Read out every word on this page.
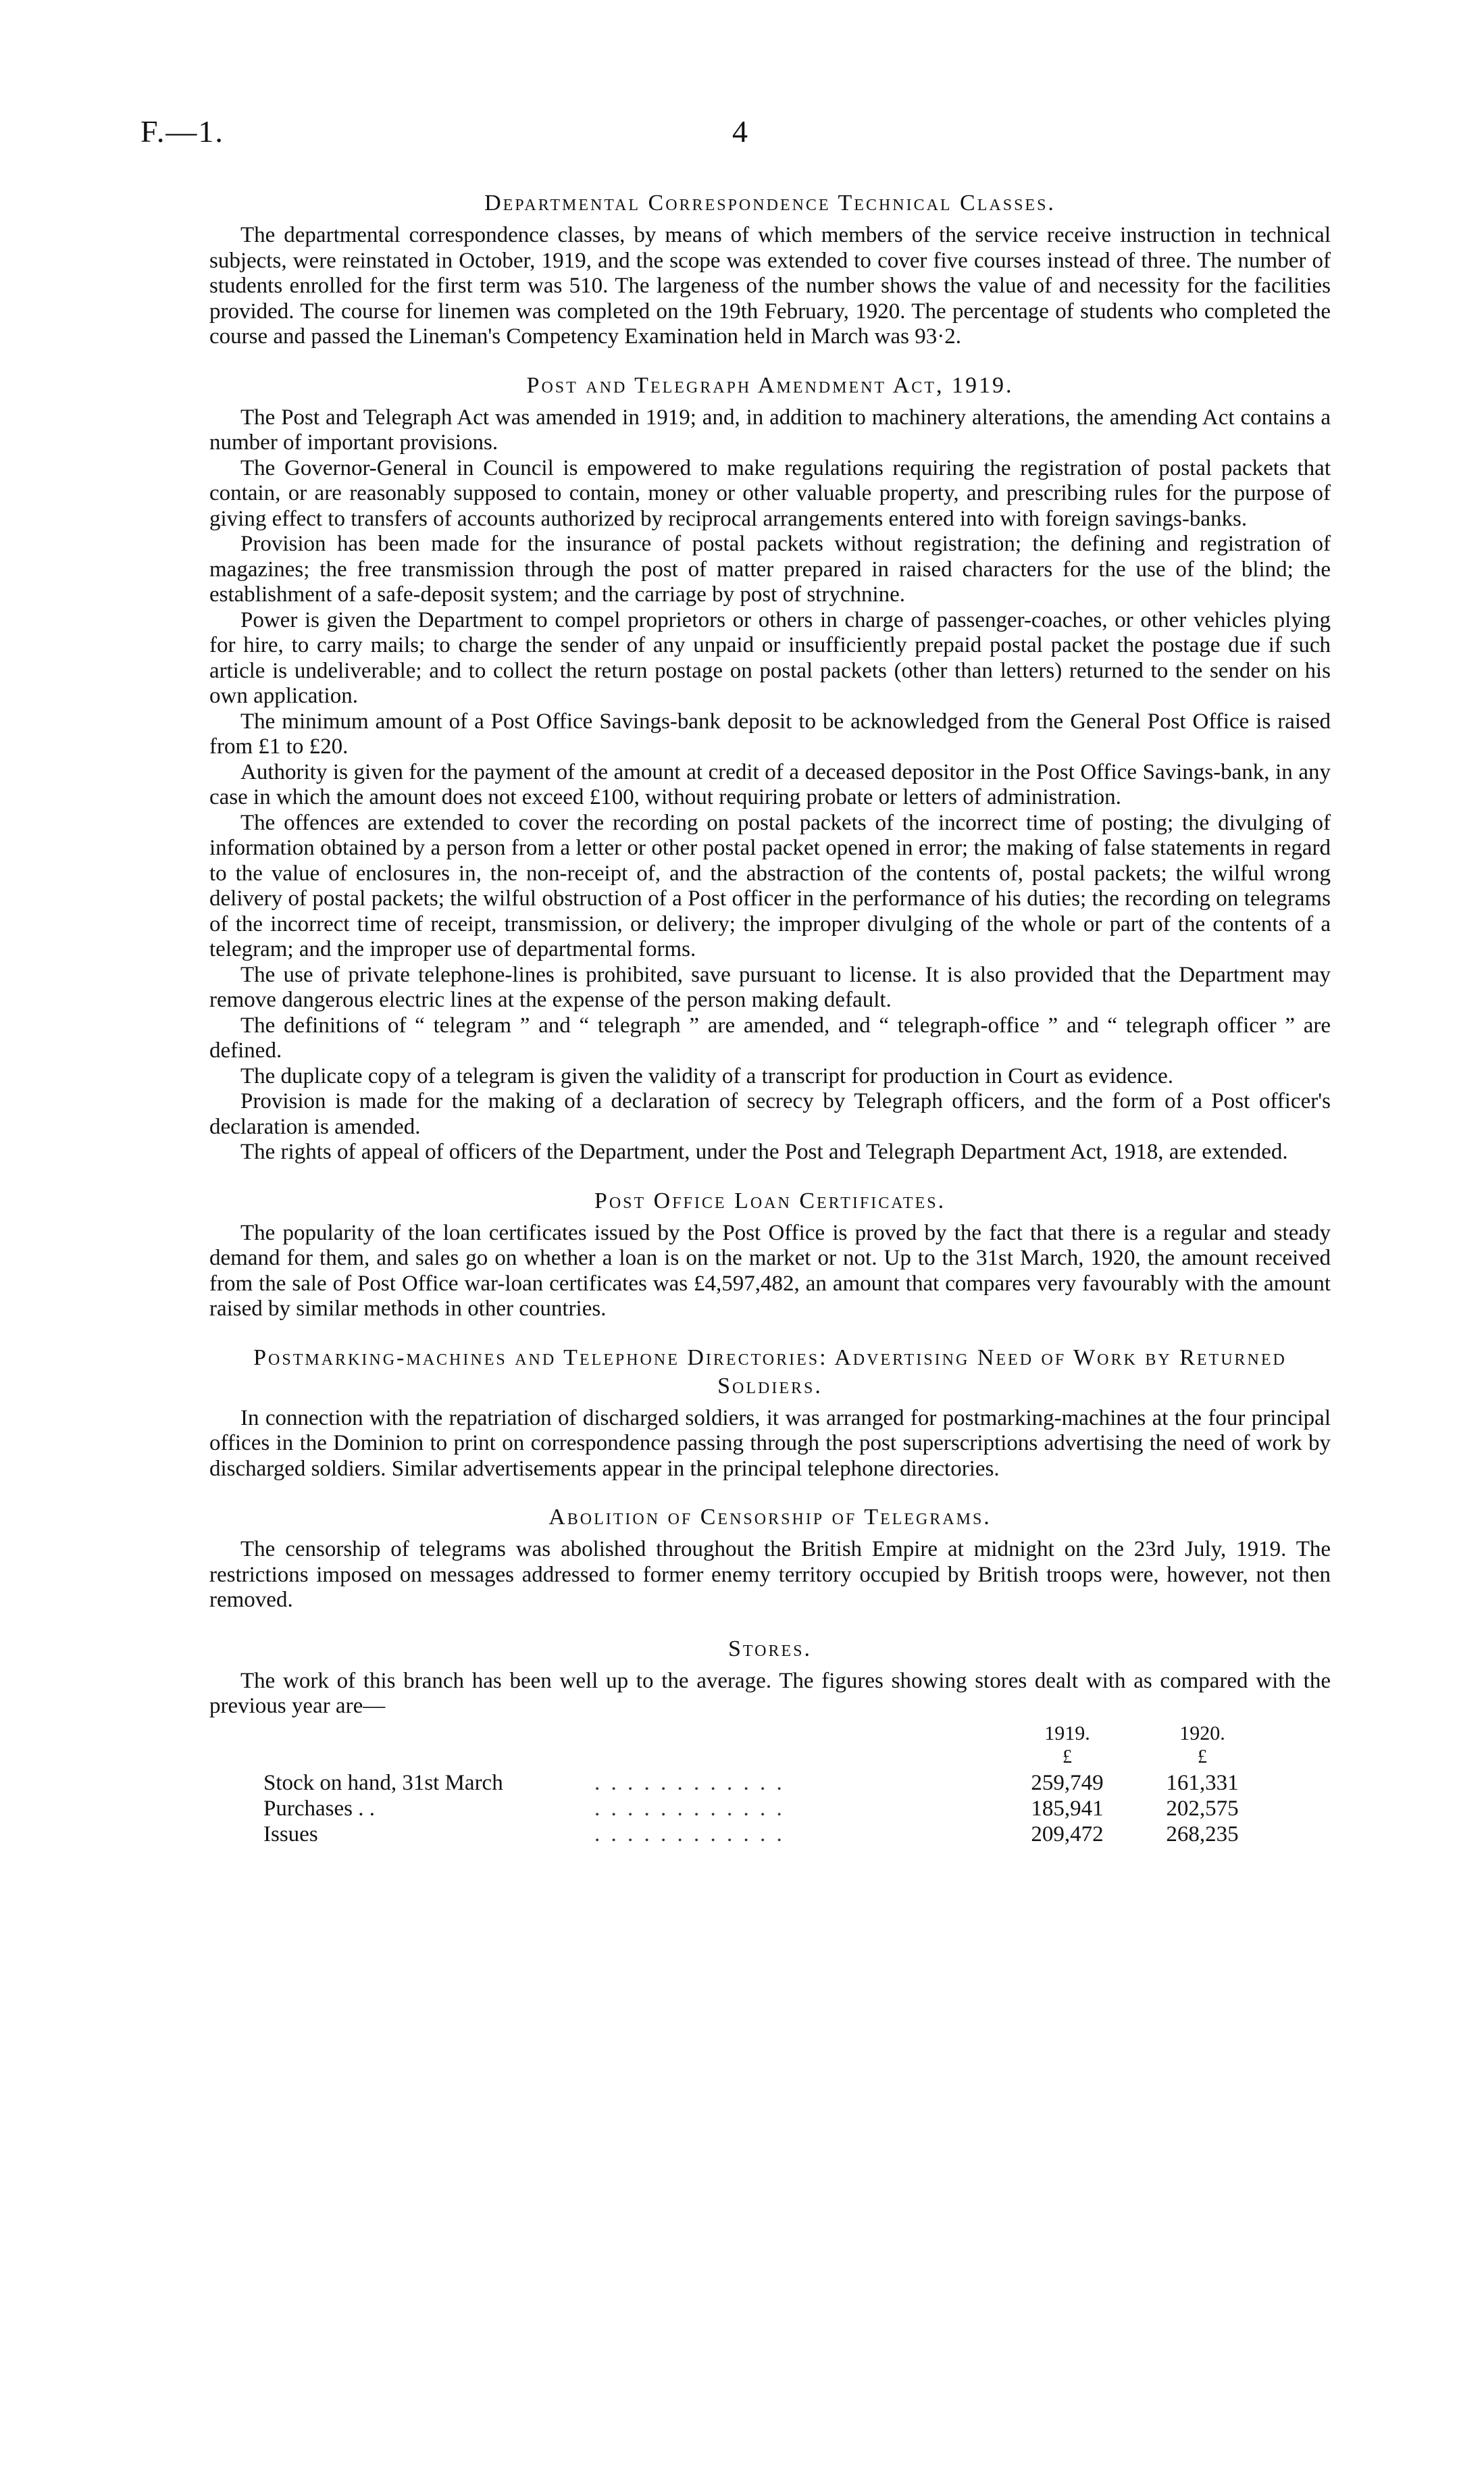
F.—1.	4
Departmental Correspondence Technical Classes.

The departmental correspondence classes, by means of which members of the service receive instruction in technical subjects, were reinstated in October, 1919, and the scope was extended to cover five courses instead of three. The number of students enrolled for the first term was 510. The largeness of the number shows the value of and necessity for the facilities provided. The course for linemen was completed on the 19th February, 1920. The percentage of students who completed the course and passed the Lineman's Competency Examination held in March was 93·2.

Post and Telegraph Amendment Act, 1919.

The Post and Telegraph Act was amended in 1919; and, in addition to machinery alterations, the amending Act contains a number of important provisions.

The Governor-General in Council is empowered to make regulations requiring the registration of postal packets that contain, or are reasonably supposed to contain, money or other valuable property, and prescribing rules for the purpose of giving effect to transfers of accounts authorized by reciprocal arrangements entered into with foreign savings-banks.

Provision has been made for the insurance of postal packets without registration; the defining and registration of magazines; the free transmission through the post of matter prepared in raised characters for the use of the blind; the establishment of a safe-deposit system; and the carriage by post of strychnine.

Power is given the Department to compel proprietors or others in charge of passenger-coaches, or other vehicles plying for hire, to carry mails; to charge the sender of any unpaid or insufficiently prepaid postal packet the postage due if such article is undeliverable; and to collect the return postage on postal packets (other than letters) returned to the sender on his own application.

The minimum amount of a Post Office Savings-bank deposit to be acknowledged from the General Post Office is raised from £1 to £20.

Authority is given for the payment of the amount at credit of a deceased depositor in the Post Office Savings-bank, in any case in which the amount does not exceed £100, without requiring probate or letters of administration.

The offences are extended to cover the recording on postal packets of the incorrect time of posting; the divulging of information obtained by a person from a letter or other postal packet opened in error; the making of false statements in regard to the value of enclosures in, the non-receipt of, and the abstraction of the contents of, postal packets; the wilful wrong delivery of postal packets; the wilful obstruction of a Post officer in the performance of his duties; the recording on telegrams of the incorrect time of receipt, transmission, or delivery; the improper divulging of the whole or part of the contents of a telegram; and the improper use of departmental forms.

The use of private telephone-lines is prohibited, save pursuant to license. It is also provided that the Department may remove dangerous electric lines at the expense of the person making default.

The definitions of “ telegram ” and “ telegraph ” are amended, and “ telegraph-office ” and “ telegraph officer ” are defined.

The duplicate copy of a telegram is given the validity of a transcript for production in Court as evidence.

Provision is made for the making of a declaration of secrecy by Telegraph officers, and the form of a Post officer's declaration is amended.

The rights of appeal of officers of the Department, under the Post and Telegraph Department Act, 1918, are extended.

Post Office Loan Certificates.

The popularity of the loan certificates issued by the Post Office is proved by the fact that there is a regular and steady demand for them, and sales go on whether a loan is on the market or not. Up to the 31st March, 1920, the amount received from the sale of Post Office war-loan certificates was £4,597,482, an amount that compares very favourably with the amount raised by similar methods in other countries.

Postmarking-machines and Telephone Directories: Advertising Need of Work by Returned Soldiers.

In connection with the repatriation of discharged soldiers, it was arranged for postmarking-machines at the four principal offices in the Dominion to print on correspondence passing through the post superscriptions advertising the need of work by discharged soldiers. Similar advertisements appear in the principal telephone directories.

Abolition of Censorship of Telegrams.

The censorship of telegrams was abolished throughout the British Empire at midnight on the 23rd July, 1919. The restrictions imposed on messages addressed to former enemy territory occupied by British troops were, however, not then removed.

Stores.

The work of this branch has been well up to the average. The figures showing stores dealt with as compared with the previous year are—

1919.	1920.
£	£
Stock on hand, 31st March	. . . . . . . . . . . .	259,749	161,331
Purchases . .	. . . . . . . . . . . .	185,941	202,575
Issues	. . . . . . . . . . . .	209,472	268,235
